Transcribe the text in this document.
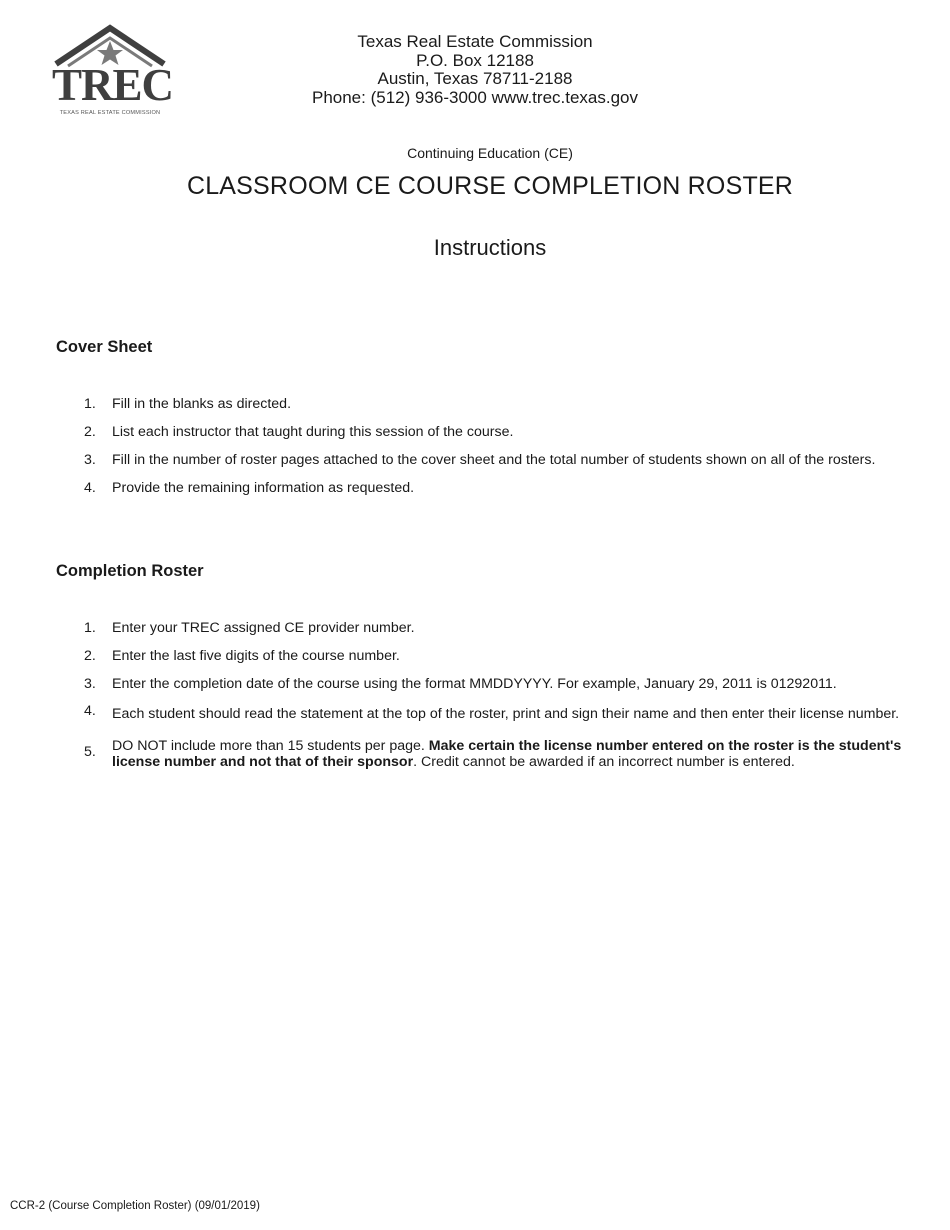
TREC
TEXAS REAL ESTATE COMMISSION
Texas Real Estate Commission
P.O. Box 12188
Austin, Texas 78711-2188
Phone: (512) 936-3000 www.trec.texas.gov
Continuing Education (CE)
CLASSROOM CE COURSE COMPLETION ROSTER
Instructions
Cover Sheet
1.	Fill in the blanks as directed.
2.	List each instructor that taught during this session of the course.
3.	Fill in the number of roster pages attached to the cover sheet and the total number of students shown on all of the rosters.
4.	Provide the remaining information as requested.
Completion Roster
1.	Enter your TREC assigned CE provider number.
2.	Enter the last five digits of the course number.
3.	Enter the completion date of the course using the format MMDDYYYY. For example, January 29, 2011 is 01292011.
4.	Each student should read the statement at the top of the roster, print and sign their name and then enter their license number.
5.	DO NOT include more than 15 students per page. Make certain the license number entered on the roster is the student's license number and not that of their sponsor. Credit cannot be awarded if an incorrect number is entered.
CCR-2 (Course Completion Roster) (09/01/2019)
